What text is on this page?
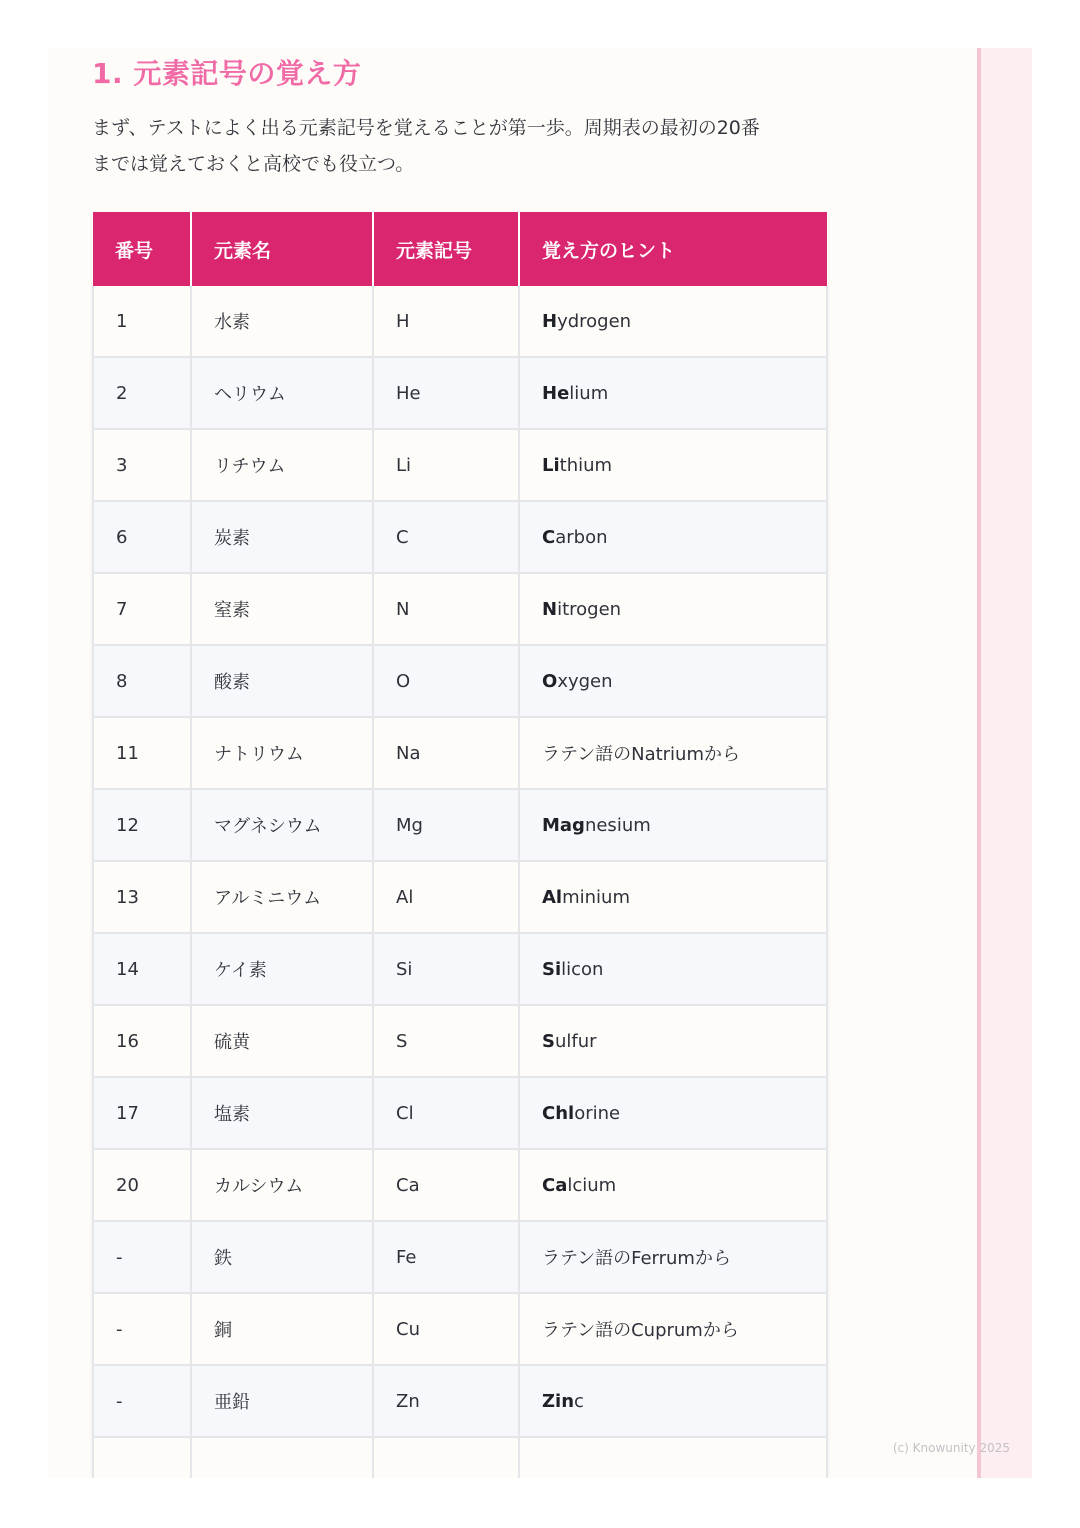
1. 元素記号の覚え方

まず、テストによく出る元素記号を覚えることが第一歩。周期表の最初の20番
までは覚えておくと高校でも役立つ。

番号	元素名	元素記号	覚え方のヒント
1	水素	H	Hydrogen
2	ヘリウム	He	Helium
3	リチウム	Li	Lithium
6	炭素	C	Carbon
7	窒素	N	Nitrogen
8	酸素	O	Oxygen
11	ナトリウム	Na	ラテン語のNatriumから
12	マグネシウム	Mg	Magnesium
13	アルミニウム	Al	Alminium
14	ケイ素	Si	Silicon
16	硫黄	S	Sulfur
17	塩素	Cl	Chlorine
20	カルシウム	Ca	Calcium
-	鉄	Fe	ラテン語のFerrumから
-	銅	Cu	ラテン語のCuprumから
-	亜鉛	Zn	Zinc

(c) Knowunity 2025
